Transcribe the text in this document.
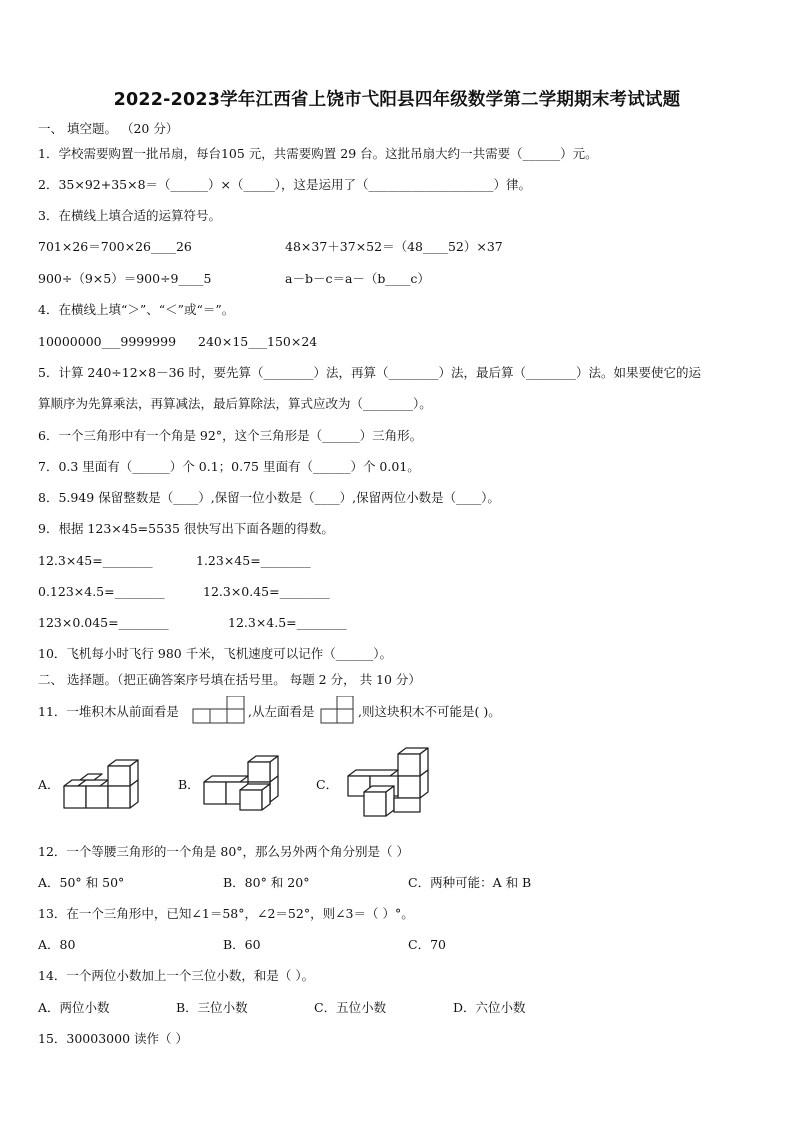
2022-2023学年江西省上饶市弋阳县四年级数学第二学期期末考试试题
一、 填空题。 （20 分）
1．学校需要购置一批吊扇，每台105 元，共需要购置 29 台。这批吊扇大约一共需要（______）元。
2．35×92+35×8＝（______）×（_____），这是运用了（____________________）律。
3．在横线上填合适的运算符号。
701×26＝700×26____26	48×37＋37×52＝（48____52）×37
900÷（9×5）＝900÷9____5	a－b－c＝a－（b____c）
4．在横线上填“＞”、“＜”或“＝”。
10000000___9999999 240×15___150×24
5．计算 240÷12×8－36 时，要先算（________）法，再算（________）法，最后算（________）法。如果要使它的运
算顺序为先算乘法，再算减法，最后算除法，算式应改为（________）。
6．一个三角形中有一个角是 92°，这个三角形是（______）三角形。
7．0.3 里面有（______）个 0.1；0.75 里面有（______）个 0.01。
8．5.949 保留整数是（____）,保留一位小数是（____）,保留两位小数是（____）。
9．根据 123×45=5535 很快写出下面各题的得数。
12.3×45=________	1.23×45=________
0.123×4.5=________	12.3×0.45=________
123×0.045=________	12.3×4.5=________
10．飞机每小时飞行 980 千米，飞机速度可以记作（______）。
二、 选择题。（把正确答案序号填在括号里。 每题 2 分， 共 10 分）
11．一堆积木从前面看是	,从左面看是	,则这块积木不可能是( )。
A．	B．	C．
12．一个等腰三角形的一个角是 80°，那么另外两个角分别是（ ）
A．50° 和 50°	B．80° 和 20°	C．两种可能：A 和 B
13．在一个三角形中，已知∠1＝58°，∠2＝52°，则∠3＝（ ）°。
A．80	B．60	C．70
14．一个两位小数加上一个三位小数，和是（ ）。
A．两位小数	B．三位小数	C．五位小数	D．六位小数
15．30003000 读作（ ）
